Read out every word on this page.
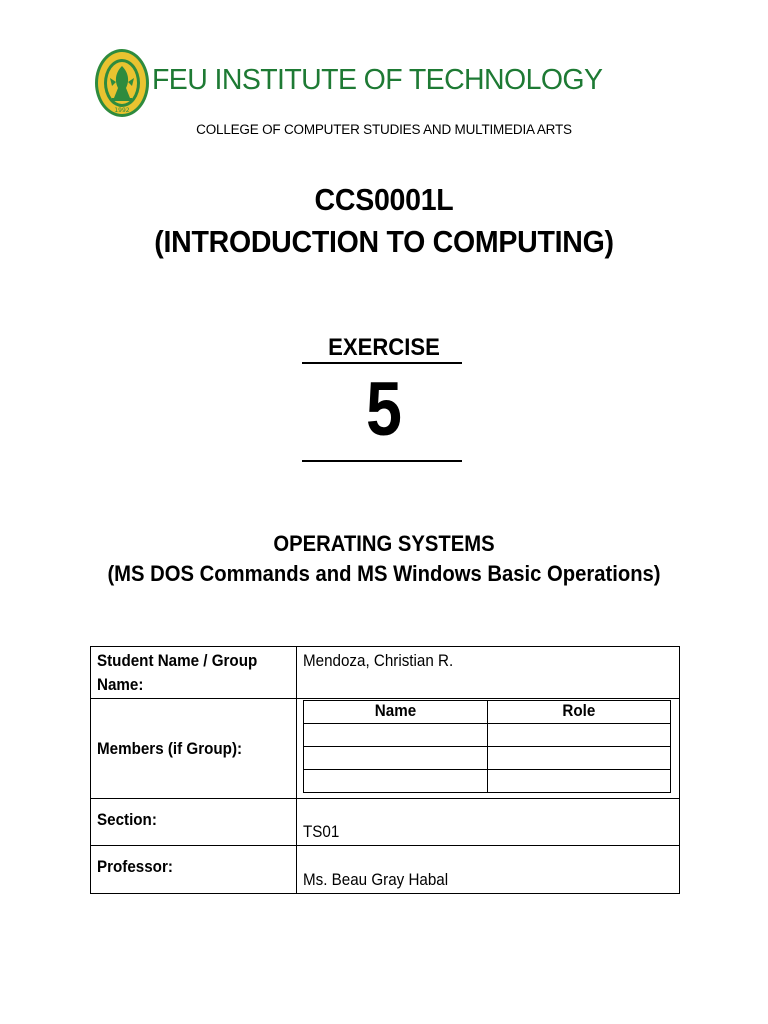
1992
FEU INSTITUTE OF TECHNOLOGY
COLLEGE OF COMPUTER STUDIES AND MULTIMEDIA ARTS
CCS0001L
(INTRODUCTION TO COMPUTING)
EXERCISE
5
OPERATING SYSTEMS
(MS DOS Commands and MS Windows Basic Operations)
Student Name / Group
Name:	Mendoza, Christian R.
Members (if Group):	
Name	Role

Section:	TS01
Professor:	Ms. Beau Gray Habal
